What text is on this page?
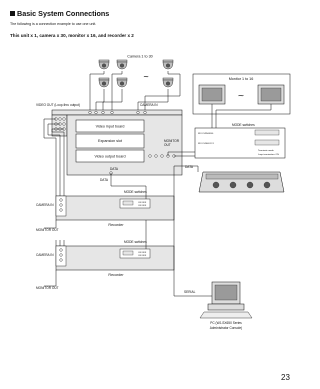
Basic System Connections
The following is a connection example to use one unit.
This unit x 1, camera x 30, monitor x 16, and recorder x 2
Camera 1 to 30
~
CAMERA IN
VIDEO OUT (Loop-thru output)
Video input board
Expansion slot
Video output board
MONITOR
OUT
DATA
ON OFF
ON OFF
MODE switches
Recorder
CAMERA IN
MONITOR OUT
DATA
ON OFF
ON OFF
MODE switches
Recorder
CAMERA IN
MONITOR OUT
Monitor 1 to 16
~
MODE switches
WV-CU950/650
WV-CU360C/CJ
Terminate mode
Loop termination: ON
DATA
SERIAL
PC (WJ-SX650 Series
Administrator Console)
23
